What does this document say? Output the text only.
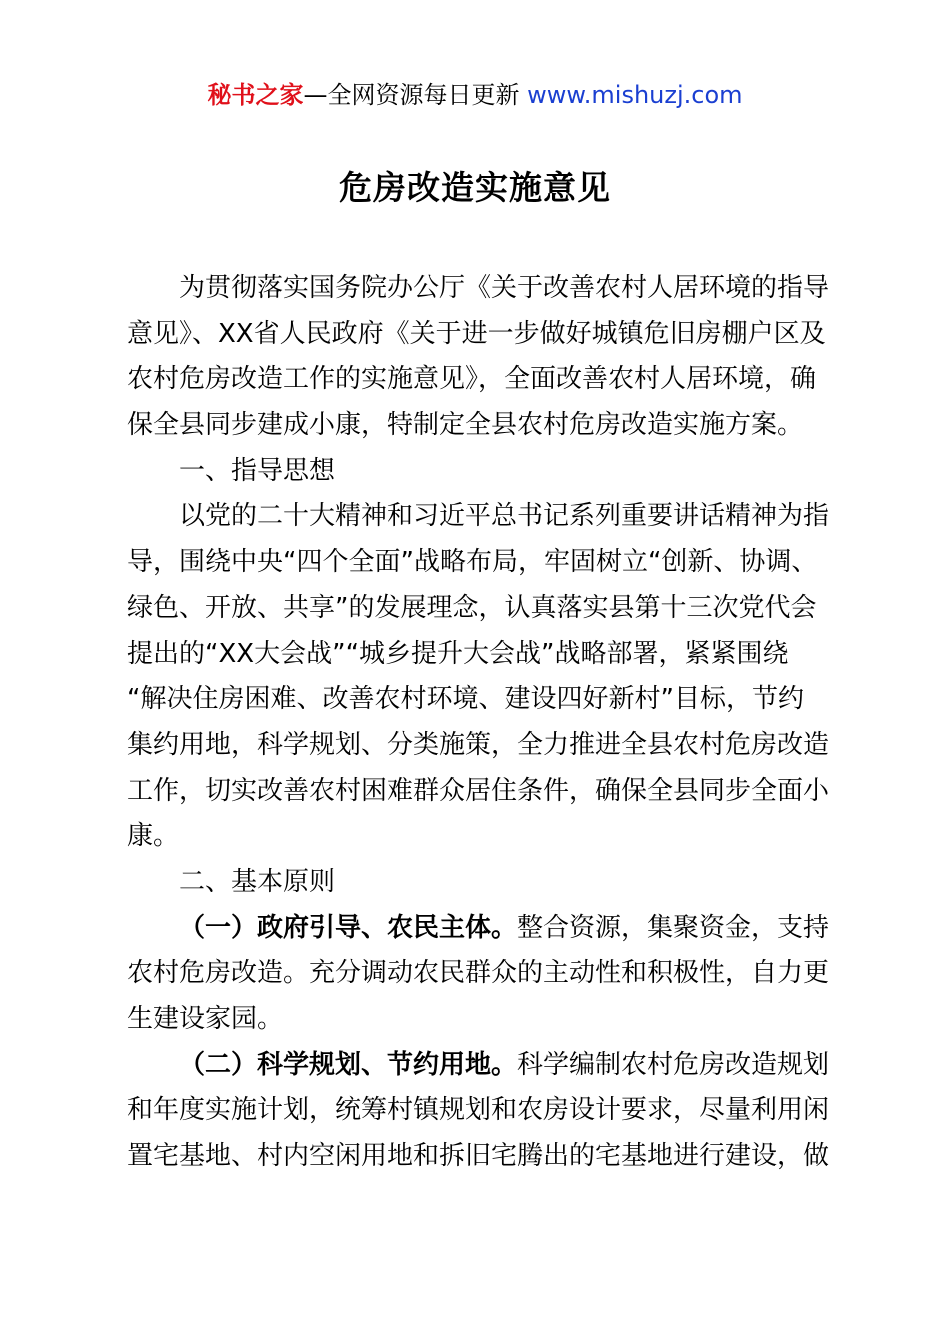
秘书之家—全网资源每日更新 www.mishuzj.com
危房改造实施意见
为贯彻落实国务院办公厅《关于改善农村人居环境的指导
意见》、XX省人民政府《关于进一步做好城镇危旧房棚户区及
农村危房改造工作的实施意见》，全面改善农村人居环境，确
保全县同步建成小康，特制定全县农村危房改造实施方案。
一、指导思想
以党的二十大精神和习近平总书记系列重要讲话精神为指
导，围绕中央“四个全面”战略布局，牢固树立“创新、协调、
绿色、开放、共享”的发展理念，认真落实县第十三次党代会
提出的“XX大会战”“城乡提升大会战”战略部署，紧紧围绕
“解决住房困难、改善农村环境、建设四好新村”目标，节约
集约用地，科学规划、分类施策，全力推进全县农村危房改造
工作，切实改善农村困难群众居住条件，确保全县同步全面小
康。
二、基本原则
（一）政府引导、农民主体。整合资源，集聚资金，支持
农村危房改造。充分调动农民群众的主动性和积极性，自力更
生建设家园。
（二）科学规划、节约用地。科学编制农村危房改造规划
和年度实施计划，统筹村镇规划和农房设计要求，尽量利用闲
置宅基地、村内空闲用地和拆旧宅腾出的宅基地进行建设，做
